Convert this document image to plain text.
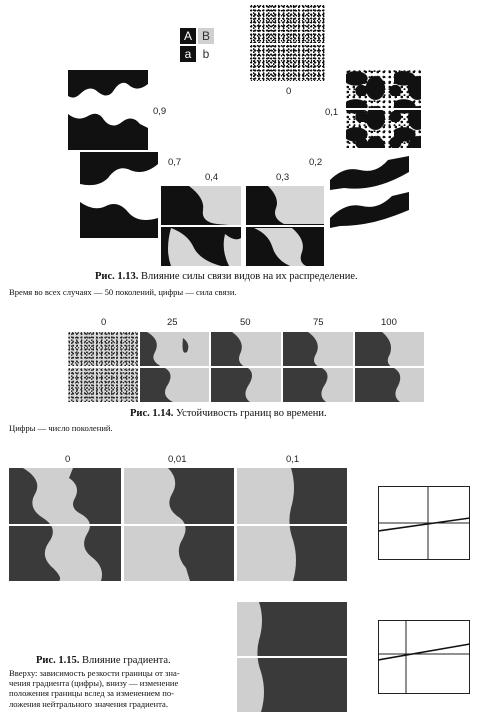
A B
a b
0
0,1
0,9
0,2
0,7
0,4	0,3
Рис. 1.13. Влияние силы связи видов на их распределение.
Время во всех случаях — 50 поколений, цифры — сила связи.
0	25	50	75	100
Рис. 1.14. Устойчивость границ во времени.
Цифры — число поколений.
0	0,01	0,1
Рис. 1.15. Влияние градиента.
Вверху: зависимость резкости границы от зна-
чения градиента (цифры), внизу — изменение
положения границы вслед за изменением по-
ложения нейтрального значения градиента.
